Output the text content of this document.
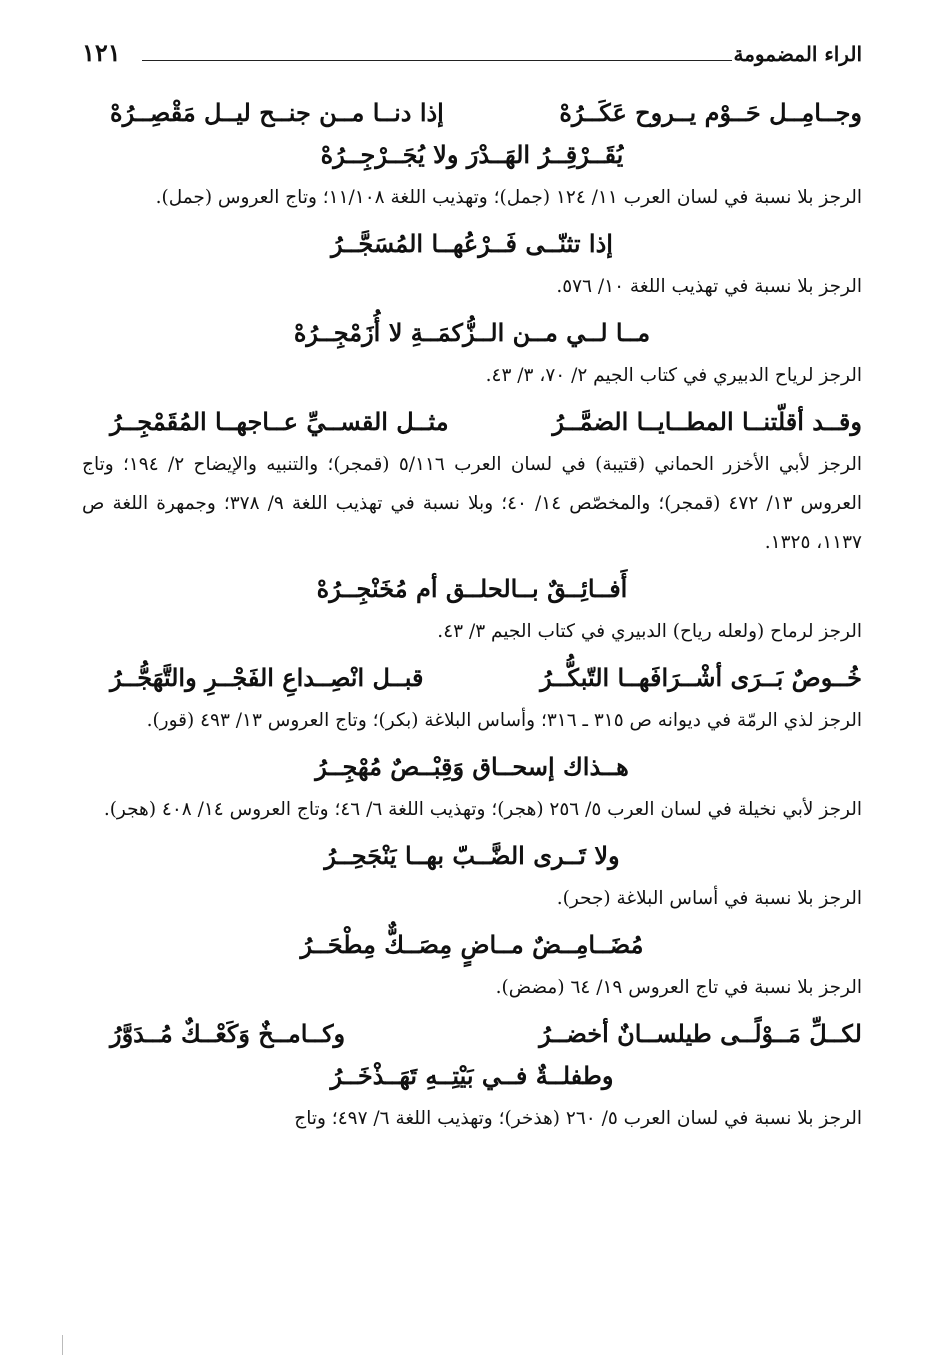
الراء المضمومة
١٢١
وجــامِــل حَــوْم يــروح عَكَــرُهْ
إذا دنــا مــن جنــح ليــل مَقْصِــرُهْ
يُقَــرْقِــرُ الهَــدْرَ ولا يُجَــرْجِــرُهْ
الرجز بلا نسبة في لسان العرب ١١/ ١٢٤ (جمل)؛ وتهذيب اللغة ١١/١٠٨؛ وتاج العروس (جمل).
إذا تثنّــى فَــرْعُهــا المُسَجَّــرُ
الرجز بلا نسبة في تهذيب اللغة ١٠/ ٥٧٦.
مــا لــي مــن الــزُّكمَــةِ لا أُزَمْجِــرُهْ
الرجز لرياح الدبيري في كتاب الجيم ٢/ ٧٠، ٣/ ٤٣.
وقــد أقلّتنــا المطــايــا الضمَّــرُ
مثــل القســيِّ عــاجهــا المُقَمْجِــرُ
الرجز لأبي الأخزر الحماني (قتيبة) في لسان العرب ٥/١١٦ (قمجر)؛ والتنبيه والإيضاح ٢/ ١٩٤؛ وتاج العروس ١٣/ ٤٧٢ (قمجر)؛ والمخصّص ١٤/ ٤٠؛ وبلا نسبة في تهذيب اللغة ٩/ ٣٧٨؛ وجمهرة اللغة ص ١١٣٧، ١٣٢٥.
أَفــائِــقٌ بــالحلــق أم مُخَنْجِــرُهْ
الرجز لرماح (ولعله رياح) الدبيري في كتاب الجيم ٣/ ٤٣.
خُــوصٌ بَــرَى أشْــرَافَهــا التّبكُّــرُ
قبــل انْصِــداعِ الفَجْــرِ والتَّهَجُّــرُ
الرجز لذي الرمّة في ديوانه ص ٣١٥ ـ ٣١٦؛ وأساس البلاغة (بكر)؛ وتاج العروس ١٣/ ٤٩٣ (قور).
هــذاك إسحــاق وَقِبْــصٌ مُهْجِــرُ
الرجز لأبي نخيلة في لسان العرب ٥/ ٢٥٦ (هجر)؛ وتهذيب اللغة ٦/ ٤٦؛ وتاج العروس ١٤/ ٤٠٨ (هجر).
ولا تَــرى الضَّــبّ بهــا يَنْجَحِــرُ
الرجز بلا نسبة في أساس البلاغة (جحر).
مُضَــامِــضٌ مــاضٍ مِصَــكٌّ مِطْحَــرُ
الرجز بلا نسبة في تاج العروس ١٩/ ٦٤ (مضض).
لكــلِّ مَــوْلًــى طيلســانٌ أخضــرُ
وكــامــخٌ وَكَعْــكٌ مُــدَوَّرُ
وطفلــةٌ فــي بَيْتِــهِ تَهَــذْخَــرُ
الرجز بلا نسبة في لسان العرب ٥/ ٢٦٠ (هذخر)؛ وتهذيب اللغة ٦/ ٤٩٧؛ وتاج
